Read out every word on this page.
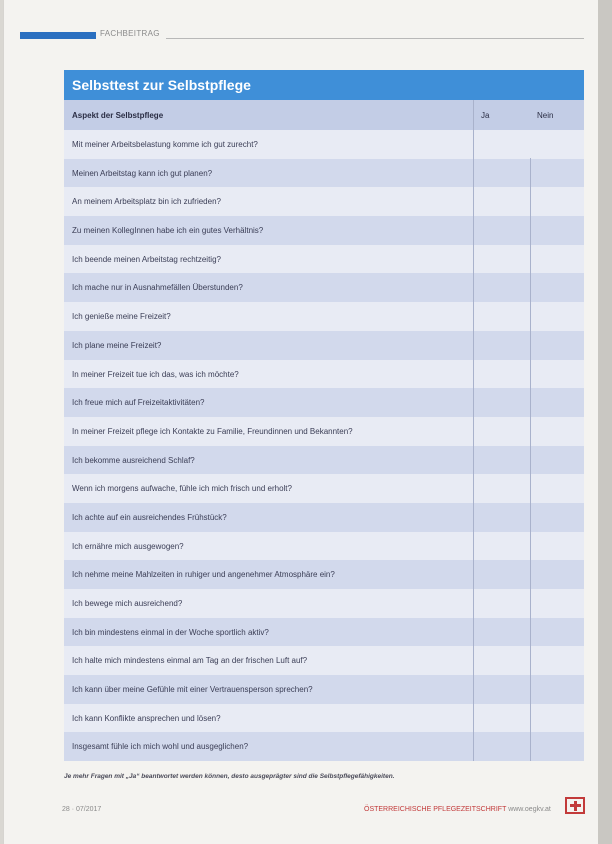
FACHBEITRAG
Selbsttest zur Selbstpflege
Aspekt der Selbstpflege	Ja	Nein
Mit meiner Arbeitsbelastung komme ich gut zurecht?
Meinen Arbeitstag kann ich gut planen?
An meinem Arbeitsplatz bin ich zufrieden?
Zu meinen KollegInnen habe ich ein gutes Verhältnis?
Ich beende meinen Arbeitstag rechtzeitig?
Ich mache nur in Ausnahmefällen Überstunden?
Ich genieße meine Freizeit?
Ich plane meine Freizeit?
In meiner Freizeit tue ich das, was ich möchte?
Ich freue mich auf Freizeitaktivitäten?
In meiner Freizeit pflege ich Kontakte zu Familie, Freundinnen und Bekannten?
Ich bekomme ausreichend Schlaf?
Wenn ich morgens aufwache, fühle ich mich frisch und erholt?
Ich achte auf ein ausreichendes Frühstück?
Ich ernähre mich ausgewogen?
Ich nehme meine Mahlzeiten in ruhiger und angenehmer Atmosphäre ein?
Ich bewege mich ausreichend?
Ich bin mindestens einmal in der Woche sportlich aktiv?
Ich halte mich mindestens einmal am Tag an der frischen Luft auf?
Ich kann über meine Gefühle mit einer Vertrauensperson sprechen?
Ich kann Konflikte ansprechen und lösen?
Insgesamt fühle ich mich wohl und ausgeglichen?
Je mehr Fragen mit „Ja“ beantwortet werden können, desto ausgeprägter sind die Selbstpflegefähigkeiten.
28 · 07/2017	ÖSTERREICHISCHE PFLEGEZEITSCHRIFT www.oegkv.at
